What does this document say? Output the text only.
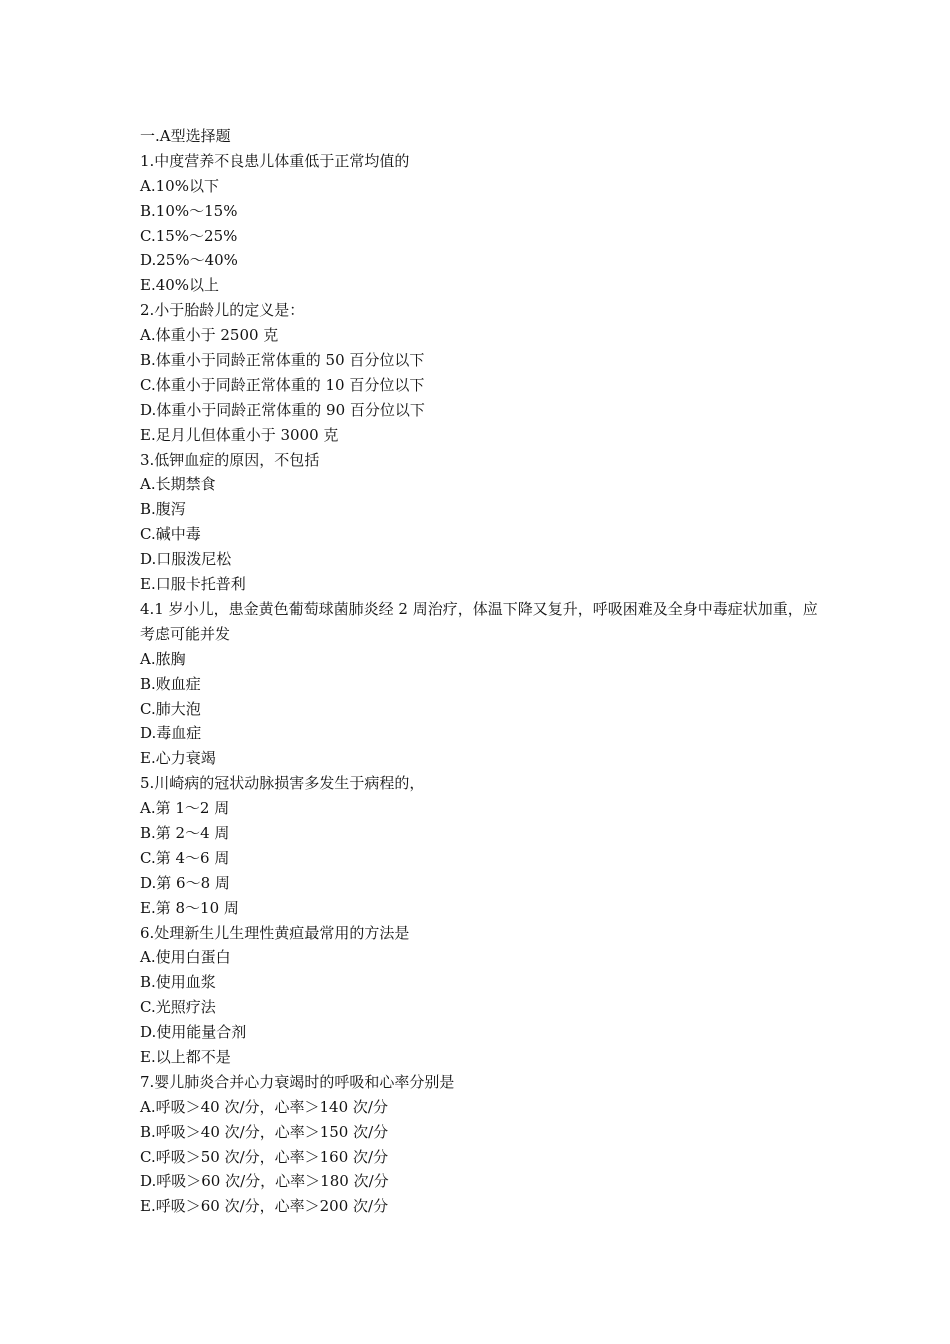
一.A型选择题
1.中度营养不良患儿体重低于正常均值的
A.10%以下
B.10%～15%
C.15%～25%
D.25%～40%
E.40%以上
2.小于胎龄儿的定义是：
A.体重小于 2500 克
B.体重小于同龄正常体重的 50 百分位以下
C.体重小于同龄正常体重的 10 百分位以下
D.体重小于同龄正常体重的 90 百分位以下
E.足月儿但体重小于 3000 克
3.低钾血症的原因，不包括
A.长期禁食
B.腹泻
C.碱中毒
D.口服泼尼松
E.口服卡托普利
4.1 岁小儿，患金黄色葡萄球菌肺炎经 2 周治疗，体温下降又复升，呼吸困难及全身中毒症状加重，应考虑可能并发
A.脓胸
B.败血症
C.肺大泡
D.毒血症
E.心力衰竭
5.川崎病的冠状动脉损害多发生于病程的，
A.第 1～2 周
B.第 2～4 周
C.第 4～6 周
D.第 6～8 周
E.第 8～10 周
6.处理新生儿生理性黄疸最常用的方法是
A.使用白蛋白
B.使用血浆
C.光照疗法
D.使用能量合剂
E.以上都不是
7.婴儿肺炎合并心力衰竭时的呼吸和心率分别是
A.呼吸＞40 次/分，心率＞140 次/分
B.呼吸＞40 次/分，心率＞150 次/分
C.呼吸＞50 次/分，心率＞160 次/分
D.呼吸＞60 次/分，心率＞180 次/分
E.呼吸＞60 次/分，心率＞200 次/分
